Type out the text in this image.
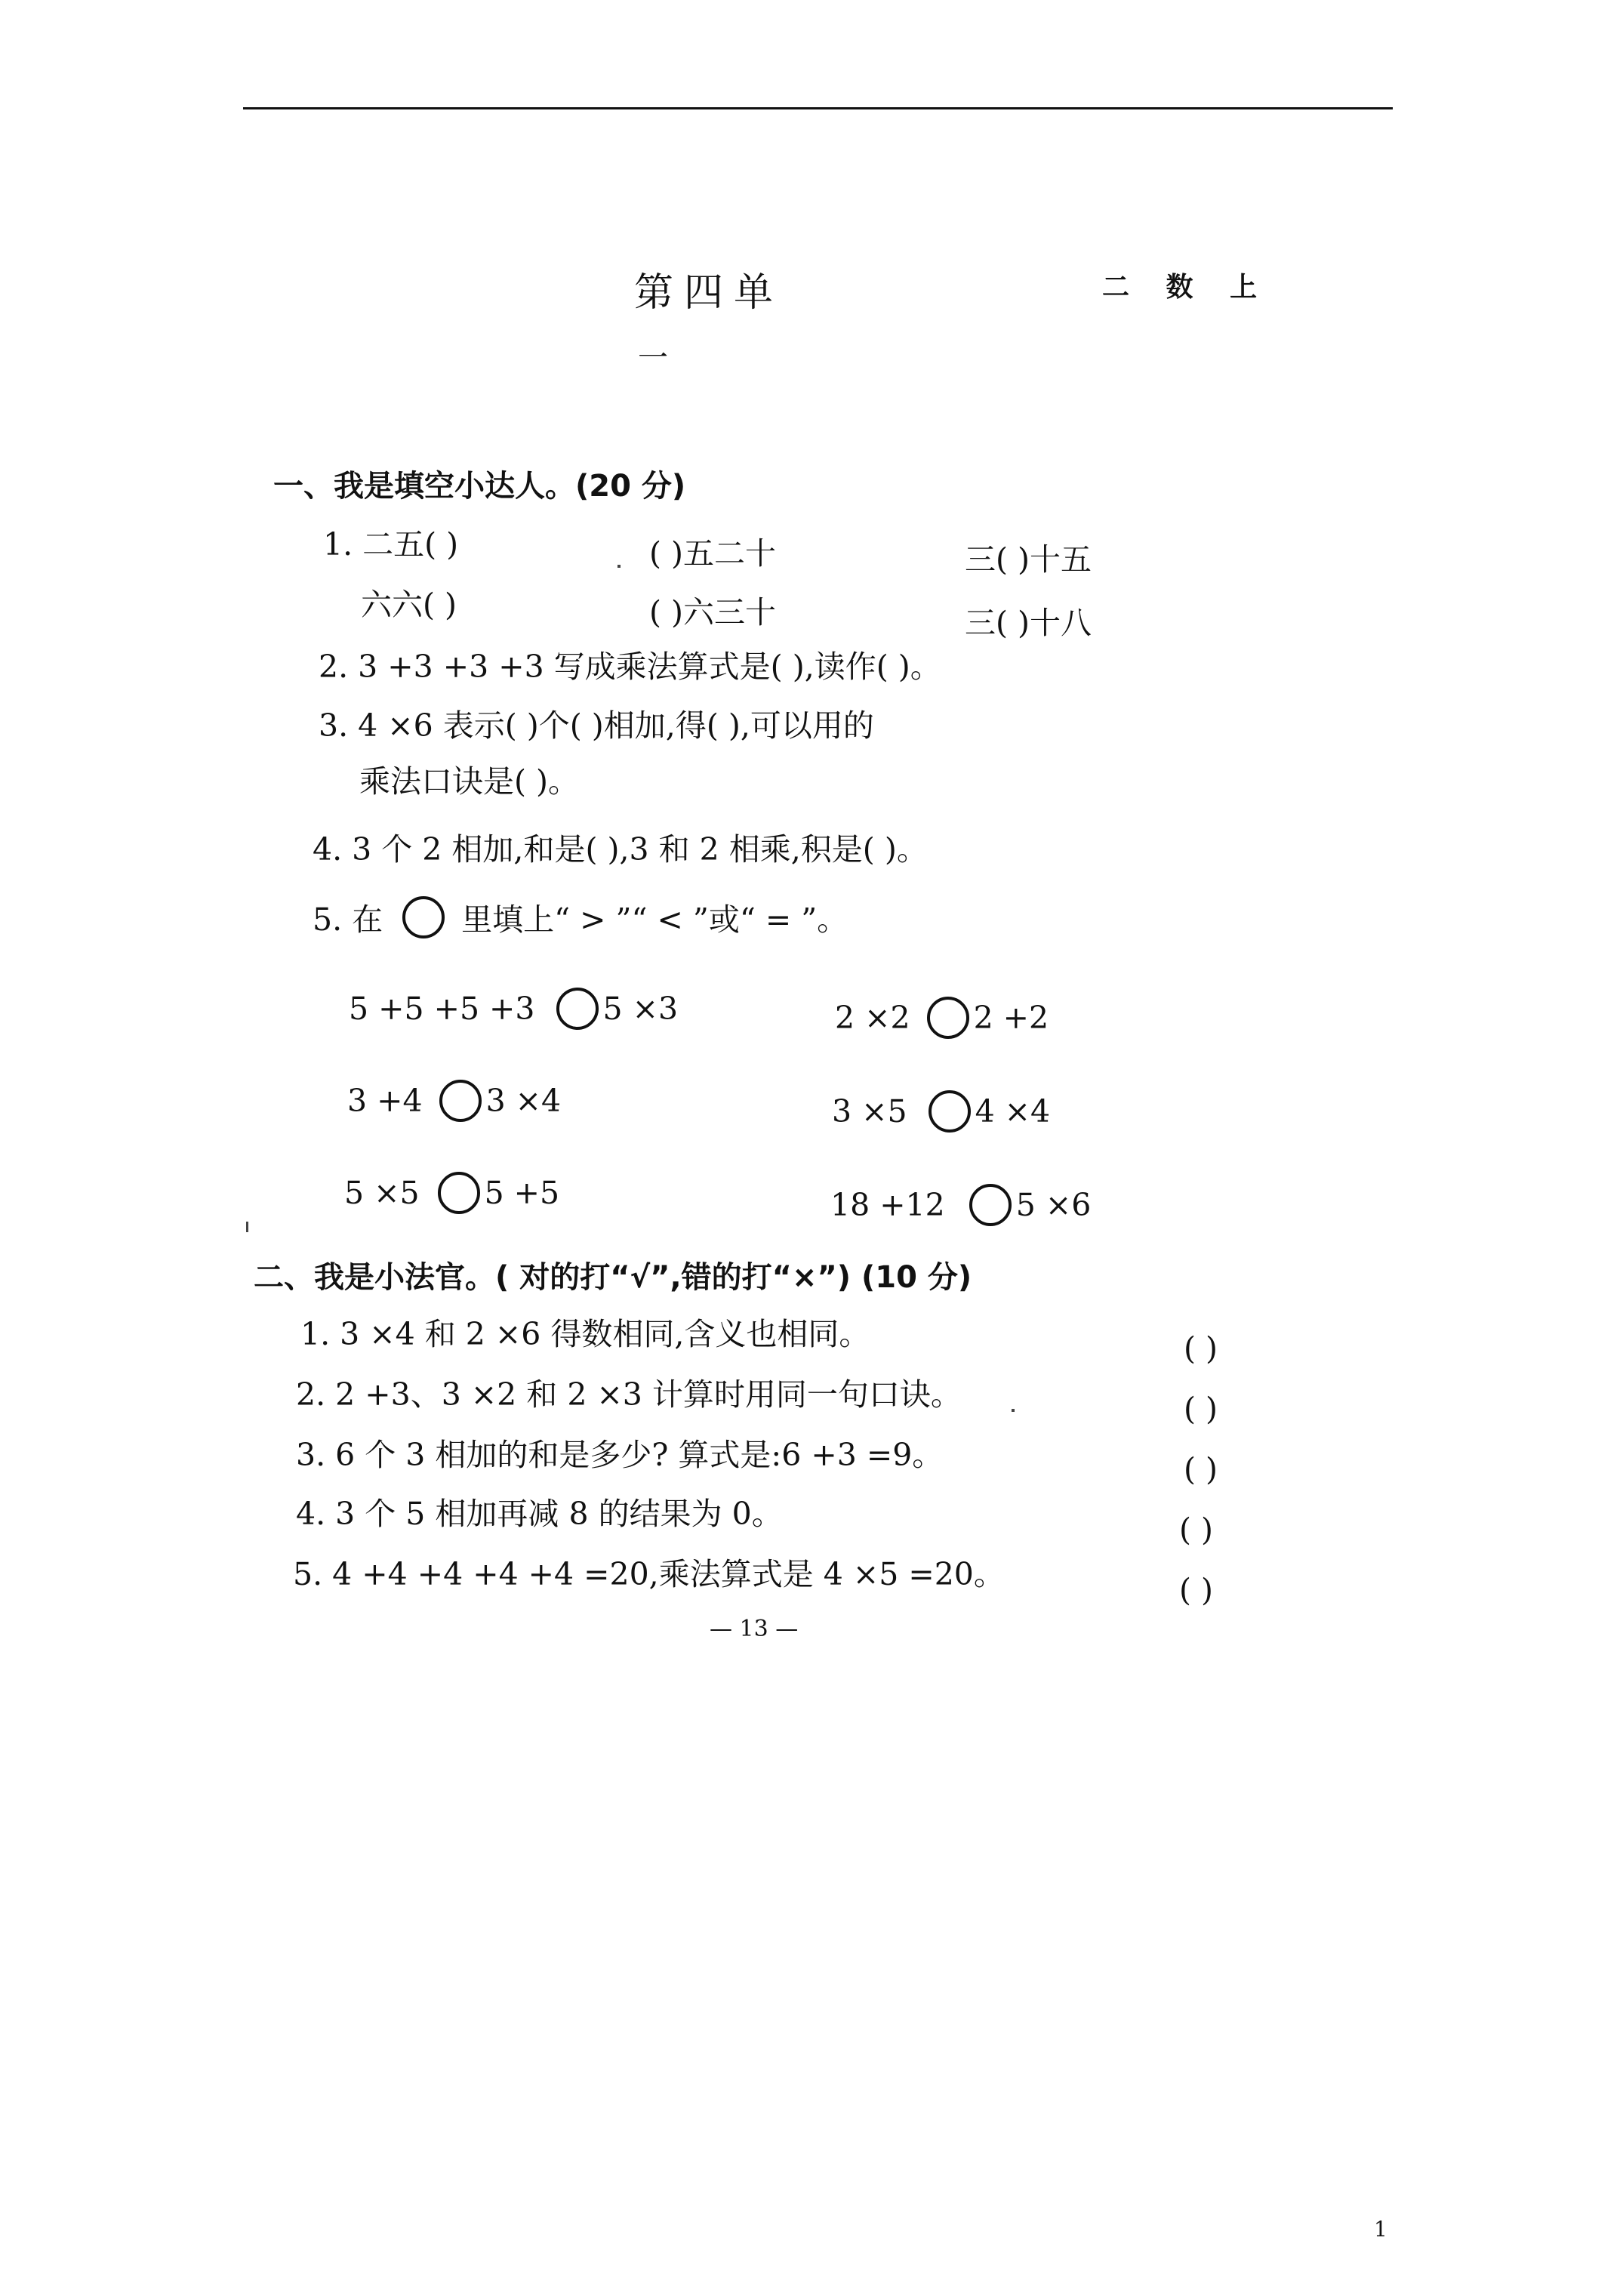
第四单	二 数 上
一
一、我是填空小达人。(20 分)
1. 二五( )	( )五二十	三( )十五
六六( )	( )六三十	三( )十八
2. 3 +3 +3 +3 写成乘法算式是( ),读作( )。
3. 4 ×6 表示( )个( )相加,得( ),可以用的
乘法口诀是( )。
4. 3 个 2 相加,和是( ),3 和 2 相乘,积是( )。
5. 在	里填上“ > ”“ < ”或“ = ”。
5 +5 +5 +3 5 ×3	2 ×2 2 +2
3 +4 3 ×4	3 ×5 4 ×4
5 ×5 5 +5	18 +12 5 ×6
二、我是小法官。( 对的打“√”,错的打“×”) (10 分)
1. 3 ×4 和 2 ×6 得数相同,含义也相同。	( )
2. 2 +3、3 ×2 和 2 ×3 计算时用同一句口诀。	( )
3. 6 个 3 相加的和是多少? 算式是:6 +3 =9。	( )
4. 3 个 5 相加再减 8 的结果为 0。	( )
5. 4 +4 +4 +4 +4 =20,乘法算式是 4 ×5 =20。	( )
— 13 —
1
